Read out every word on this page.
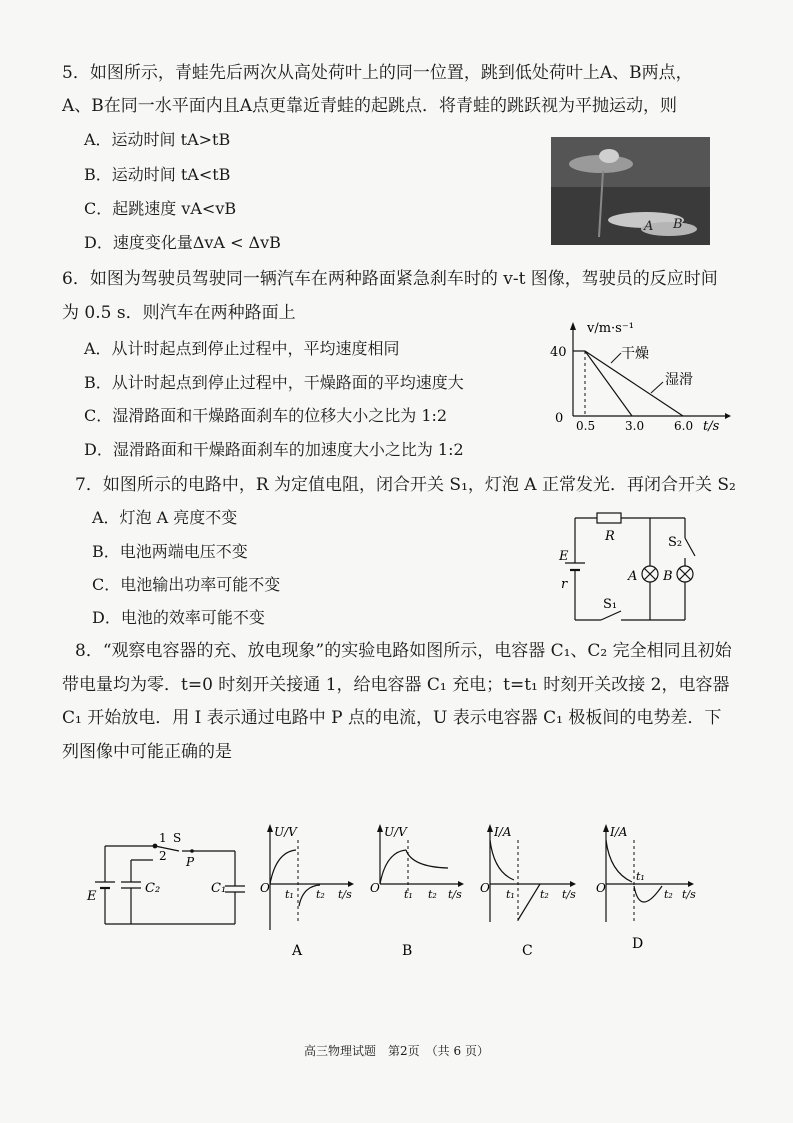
5．如图所示，青蛙先后两次从高处荷叶上的同一位置，跳到低处荷叶上A、B两点，
A、B在同一水平面内且A点更靠近青蛙的起跳点．将青蛙的跳跃视为平抛运动，则
A．运动时间 tA>tB
B．运动时间 tA<tB
C．起跳速度 vA<vB
D．速度变化量ΔvA < ΔvB
A B
6．如图为驾驶员驾驶同一辆汽车在两种路面紧急刹车时的 v-t 图像，驾驶员的反应时间
为 0.5 s．则汽车在两种路面上
A．从计时起点到停止过程中，平均速度相同
B．从计时起点到停止过程中，干燥路面的平均速度大
C．湿滑路面和干燥路面刹车的位移大小之比为 1:2
D．湿滑路面和干燥路面刹车的加速度大小之比为 1:2
v/m·s⁻¹
t/s
40
0 0.5 3.0 6.0
干燥
湿滑
7．如图所示的电路中，R 为定值电阻，闭合开关 S₁，灯泡 A 正常发光．再闭合开关 S₂
A．灯泡 A 亮度不变
B．电池两端电压不变
C．电池输出功率可能不变
D．电池的效率可能不变
R
E
r
S₁
S₂
A B
8．“观察电容器的充、放电现象”的实验电路如图所示，电容器 C₁、C₂ 完全相同且初始
带电量均为零．t=0 时刻开关接通 1，给电容器 C₁ 充电；t=t₁ 时刻开关改接 2，电容器
C₁ 开始放电．用 I 表示通过电路中 P 点的电流，U 表示电容器 C₁ 极板间的电势差．下
列图像中可能正确的是
1 S
2 P
E
C₂	C₁
U/V
O t₁ t₂ t/s
A
U/V
O t₁ t₂ t/s
B
I/A
O t₁ t₂ t/s
C
I/A
O
t₁
t₂ t/s
D
高三物理试题　第2页　（共 6 页）
